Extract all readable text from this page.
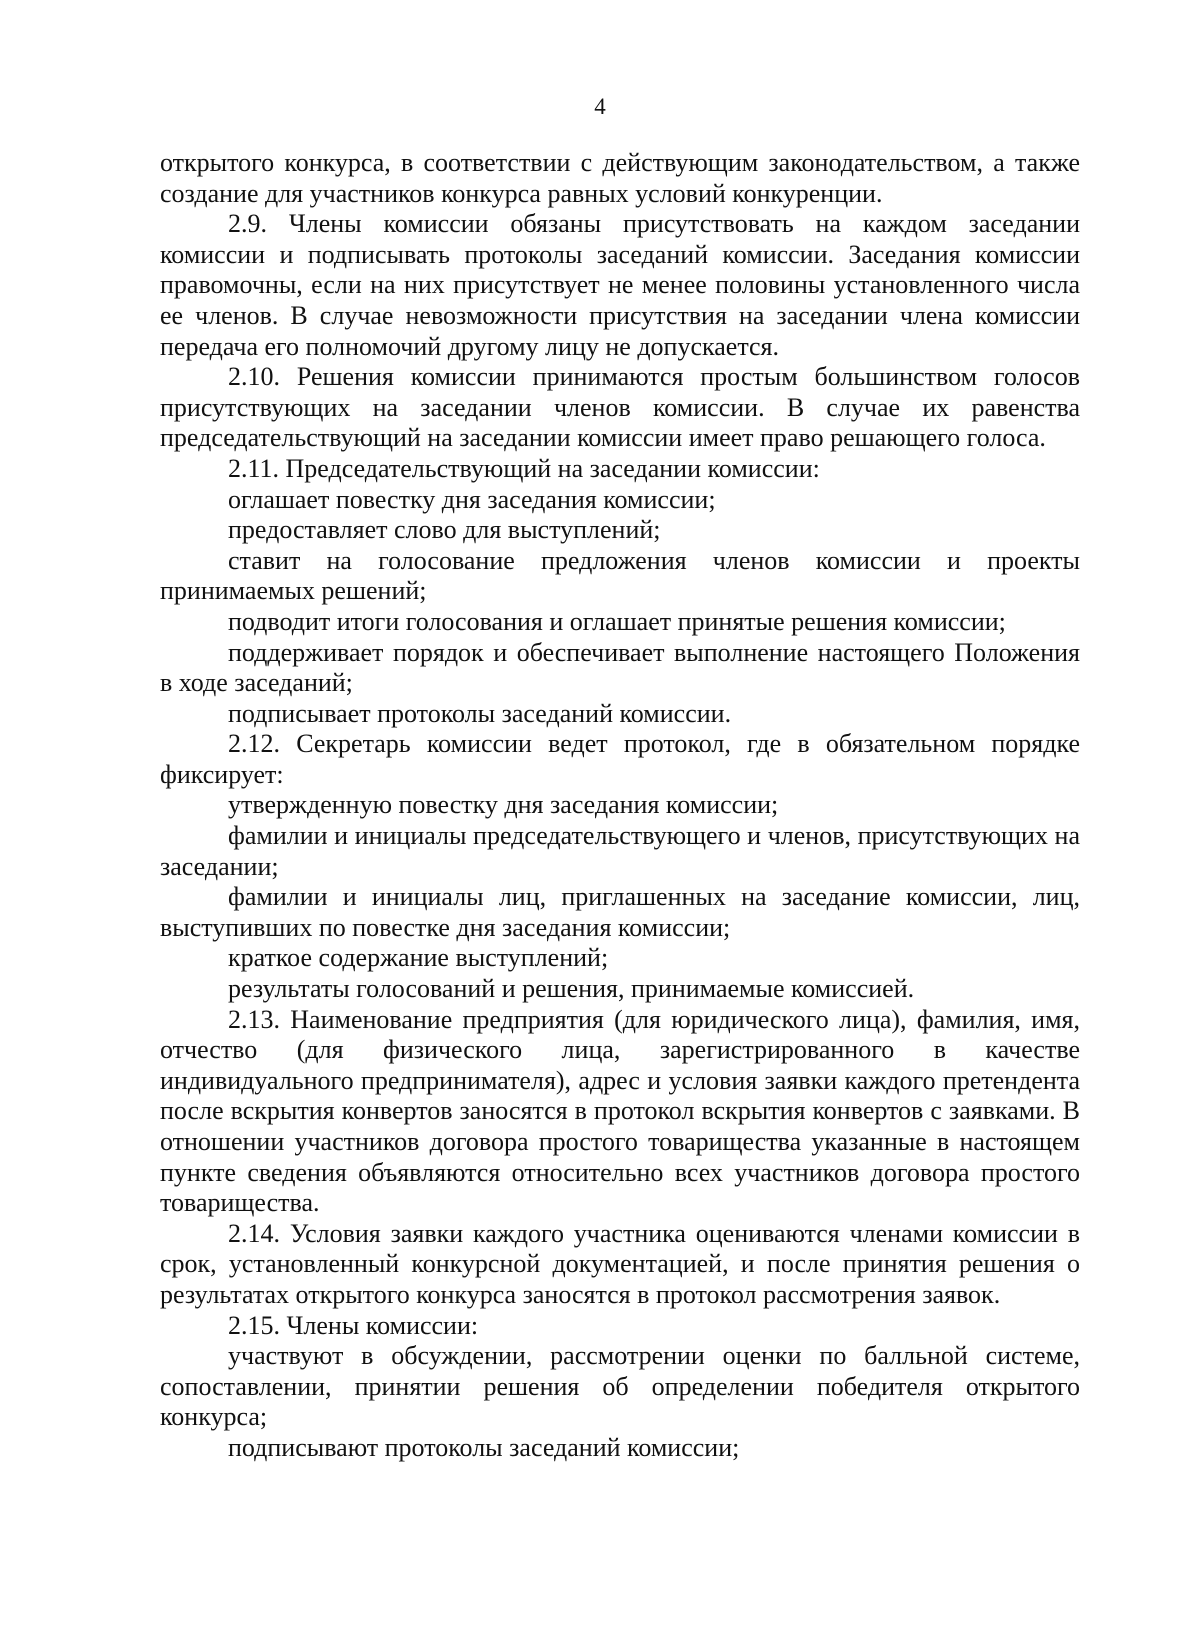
4

открытого конкурса, в соответствии с действующим законодательством, а также создание для участников конкурса равных условий конкуренции.

2.9. Члены комиссии обязаны присутствовать на каждом заседании комиссии и подписывать протоколы заседаний комиссии. Заседания комиссии правомочны, если на них присутствует не менее половины установленного числа ее членов. В случае невозможности присутствия на заседании члена комиссии передача его полномочий другому лицу не допускается.

2.10. Решения комиссии принимаются простым большинством голосов присутствующих на заседании членов комиссии. В случае их равенства председательствующий на заседании комиссии имеет право решающего голоса.

2.11. Председательствующий на заседании комиссии:

оглашает повестку дня заседания комиссии;

предоставляет слово для выступлений;

ставит на голосование предложения членов комиссии и проекты принимаемых решений;

подводит итоги голосования и оглашает принятые решения комиссии;

поддерживает порядок и обеспечивает выполнение настоящего Положения в ходе заседаний;

подписывает протоколы заседаний комиссии.

2.12. Секретарь комиссии ведет протокол, где в обязательном порядке фиксирует:

утвержденную повестку дня заседания комиссии;

фамилии и инициалы председательствующего и членов, присутствующих на заседании;

фамилии и инициалы лиц, приглашенных на заседание комиссии, лиц, выступивших по повестке дня заседания комиссии;

краткое содержание выступлений;

результаты голосований и решения, принимаемые комиссией.

2.13. Наименование предприятия (для юридического лица), фамилия, имя, отчество (для физического лица, зарегистрированного в качестве индивидуального предпринимателя), адрес и условия заявки каждого претендента после вскрытия конвертов заносятся в протокол вскрытия конвертов с заявками. В отношении участников договора простого товарищества указанные в настоящем пункте сведения объявляются относительно всех участников договора простого товарищества.

2.14. Условия заявки каждого участника оцениваются членами комиссии в срок, установленный конкурсной документацией, и после принятия решения о результатах открытого конкурса заносятся в протокол рассмотрения заявок.

2.15. Члены комиссии:

участвуют в обсуждении, рассмотрении оценки по балльной системе, сопоставлении, принятии решения об определении победителя открытого конкурса;

подписывают протоколы заседаний комиссии;
